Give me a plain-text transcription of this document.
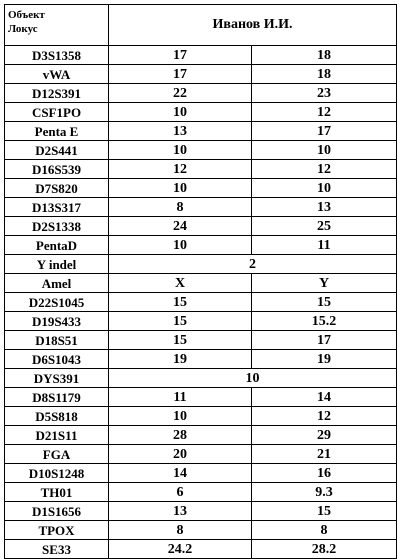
Объект
Локус	Иванов И.И.	
D3S1358	17	18
vWA	17	18
D12S391	22	23
CSF1PO	10	12
Penta E	13	17
D2S441	10	10
D16S539	12	12
D7S820	10	10
D13S317	8	13
D2S1338	24	25
PentaD	10	11
Y indel	2	
Amel	X	Y
D22S1045	15	15
D19S433	15	15.2
D18S51	15	17
D6S1043	19	19
DYS391	10	
D8S1179	11	14
D5S818	10	12
D21S11	28	29
FGA	20	21
D10S1248	14	16
TH01	6	9.3
D1S1656	13	15
TPOX	8	8
SE33	24.2	28.2
